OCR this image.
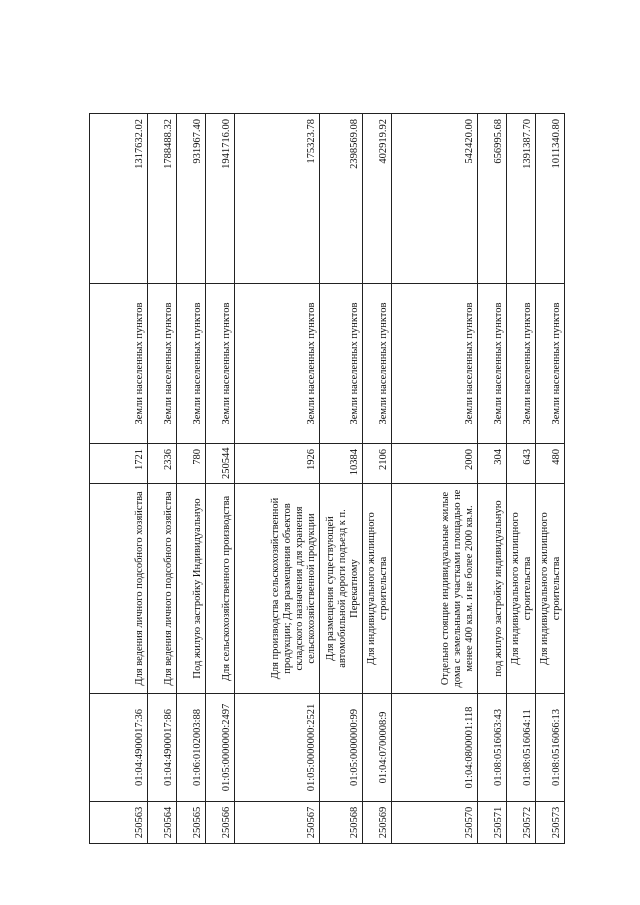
250563	01:04:4900017:36	Для ведения личного подсобного хозяйства	1721	Земли населенных пунктов	1317632.02
250564	01:04:4900017:86	Для ведения личного подсобного хозяйства	2336	Земли населенных пунктов	1788488.32
250565	01:06:0102003:88	Под жилую застройку Индивидуальную	780	Земли населенных пунктов	931967.40
250566	01:05:0000000:2497	Для сельскохозяйственного производства	250544	Земли населенных пунктов	1941716.00
250567	01:05:0000000:2521	Для производства сельскохозяйственной продукции; Для размещения объектов складского назначения для хранения сельскохозяйственной продукции	1926	Земли населенных пунктов	175323.78
250568	01:05:0000000:99	Для размещения существующей автомобильной дороги подъезд к п. Перекатному	10384	Земли населенных пунктов	2398569.08
250569	01:04:0700008:9	Для индивидуального жилищного строительства	2106	Земли населенных пунктов	402919.92
250570	01:04:0800001:118	Отдельно стоящие индивидуальные жилые дома с земельными участками площадью не менее 400 кв.м. и не более 2000 кв.м.	2000	Земли населенных пунктов	542420.00
250571	01:08:0516063:43	под жилую застройку индивидуальную	304	Земли населенных пунктов	656995.68
250572	01:08:0516064:11	Для индивидуального жилищного строительства	643	Земли населенных пунктов	1391387.70
250573	01:08:0516066:13	Для индивидуального жилищного строительства	480	Земли населенных пунктов	1011340.80
